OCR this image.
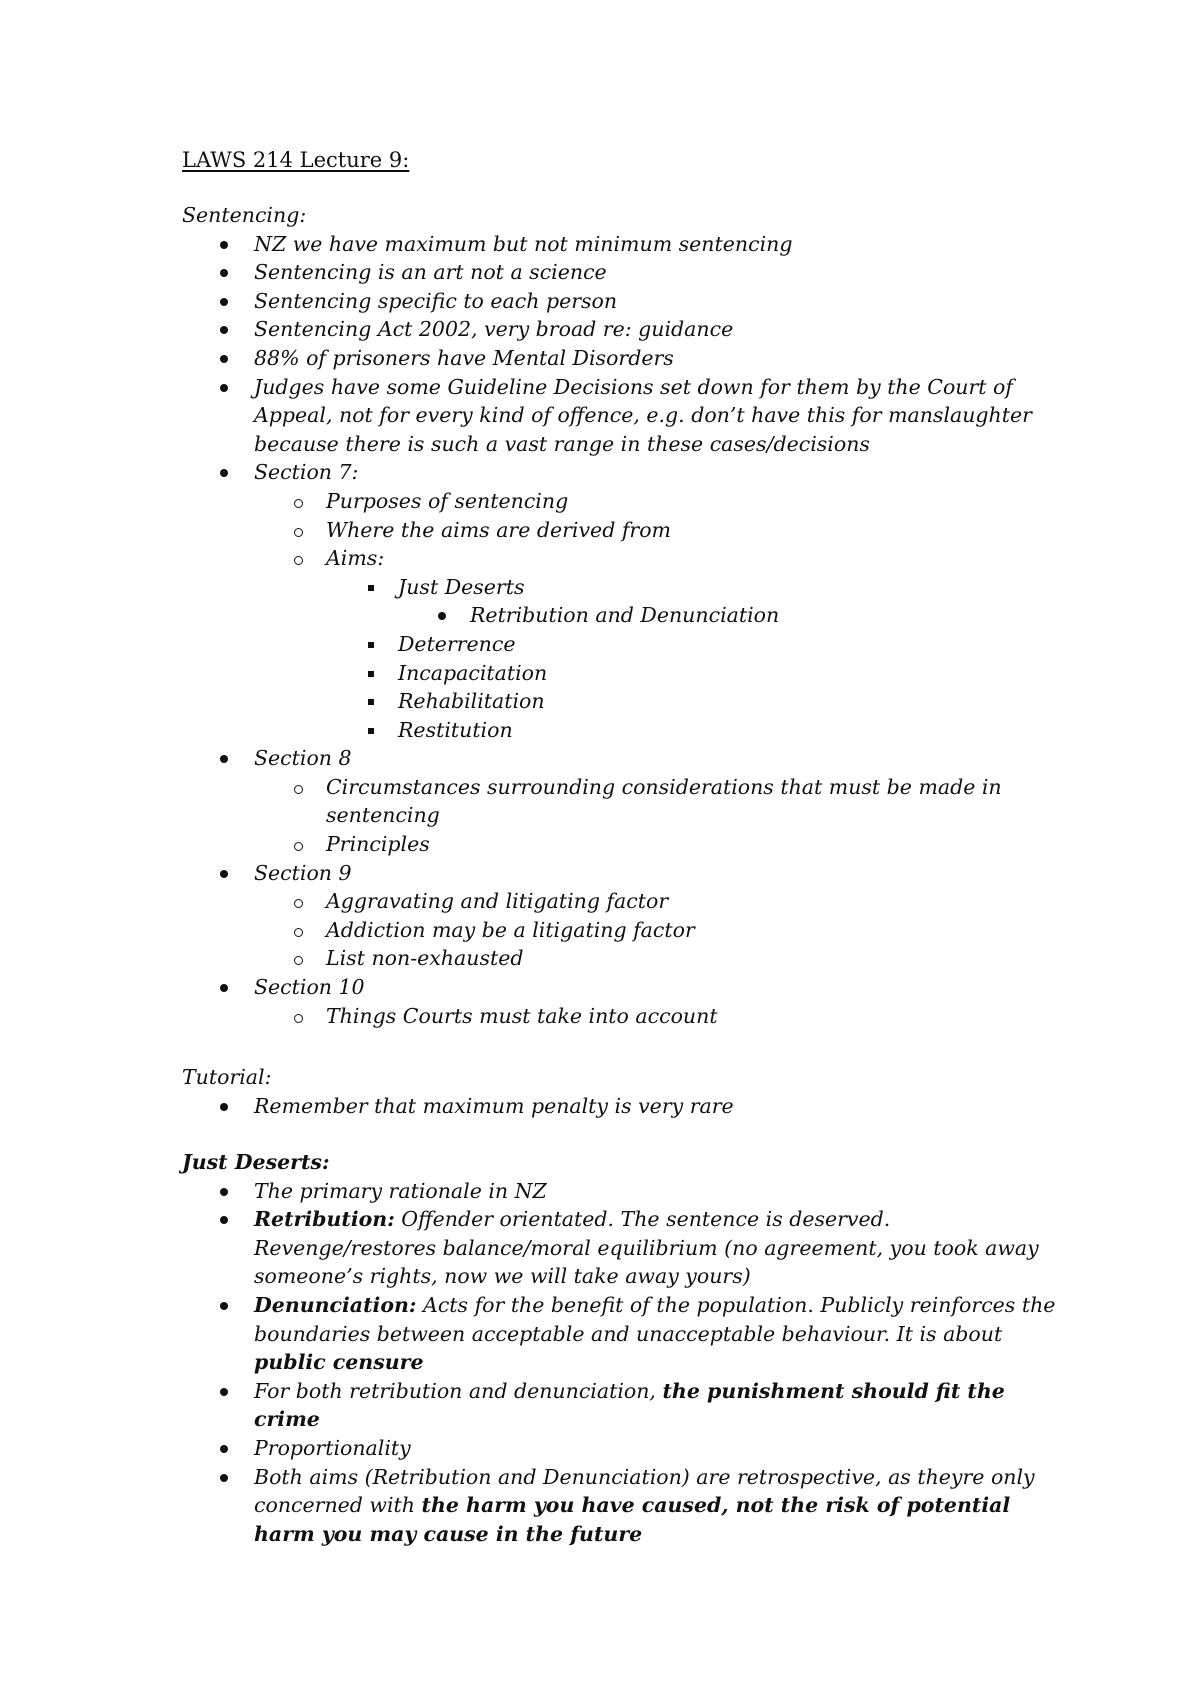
LAWS 214 Lecture 9:

Sentencing:

NZ we have maximum but not minimum sentencing
Sentencing is an art not a science
Sentencing specific to each person
Sentencing Act 2002, very broad re: guidance
88% of prisoners have Mental Disorders
Judges have some Guideline Decisions set down for them by the Court of Appeal, not for every kind of offence, e.g. don’t have this for manslaughter because there is such a vast range in these cases/decisions
Section 7:
Purposes of sentencing
Where the aims are derived from
Aims:
Just Deserts
Retribution and Denunciation
Deterrence
Incapacitation
Rehabilitation
Restitution
Section 8
Circumstances surrounding considerations that must be made in sentencing
Principles
Section 9
Aggravating and litigating factor
Addiction may be a litigating factor
List non-exhausted
Section 10
Things Courts must take into account

Tutorial:

Remember that maximum penalty is very rare

Just Deserts:

The primary rationale in NZ
Retribution: Offender orientated. The sentence is deserved. Revenge/restores balance/moral equilibrium (no agreement, you took away someone’s rights, now we will take away yours)
Denunciation: Acts for the benefit of the population. Publicly reinforces the boundaries between acceptable and unacceptable behaviour. It is about public censure
For both retribution and denunciation, the punishment should fit the crime
Proportionality
Both aims (Retribution and Denunciation) are retrospective, as theyre only concerned with the harm you have caused, not the risk of potential harm you may cause in the future
